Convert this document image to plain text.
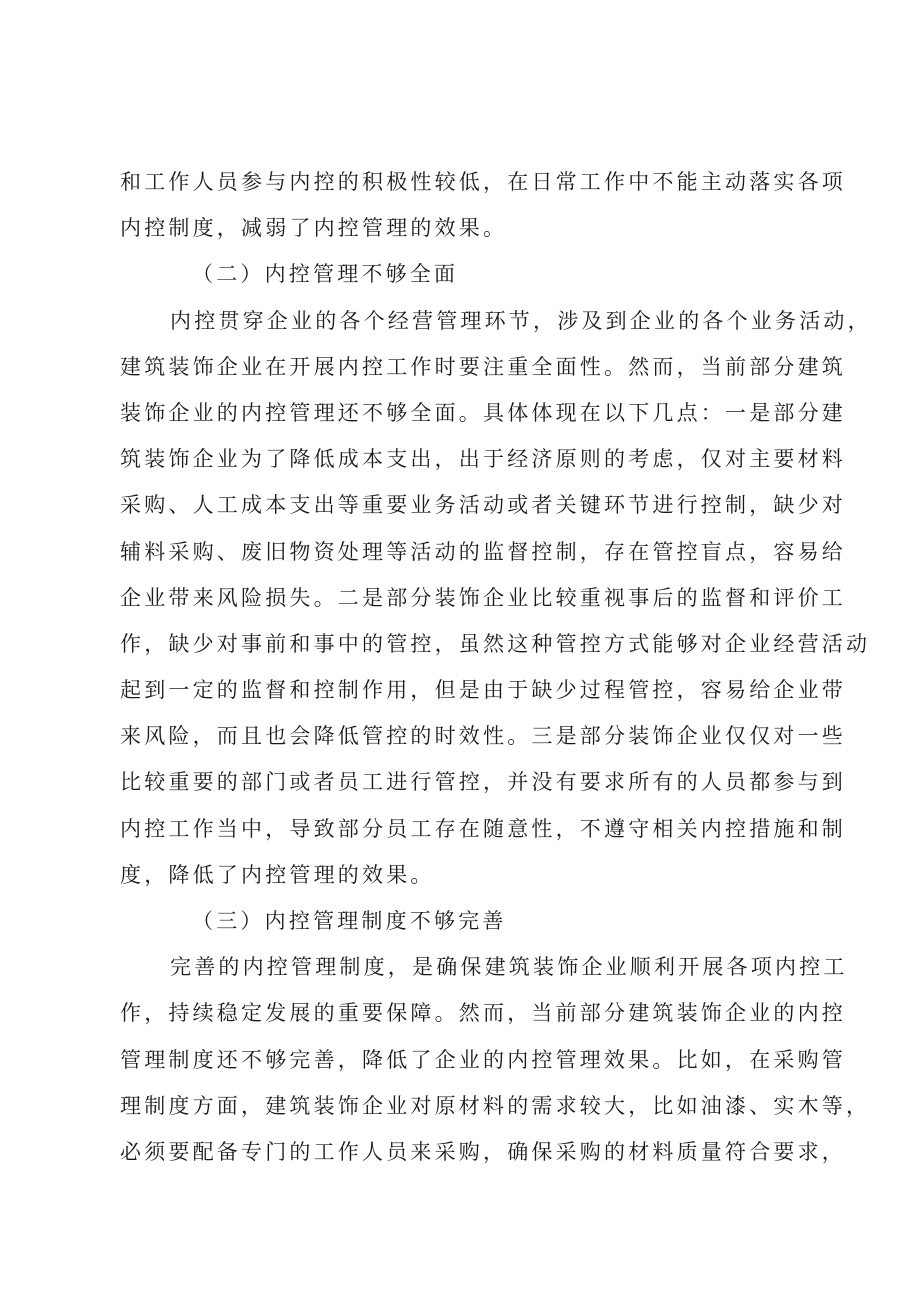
和工作人员参与内控的积极性较低，在日常工作中不能主动落实各项
内控制度，减弱了内控管理的效果。
（二）内控管理不够全面
内控贯穿企业的各个经营管理环节，涉及到企业的各个业务活动，
建筑装饰企业在开展内控工作时要注重全面性。然而，当前部分建筑
装饰企业的内控管理还不够全面。具体体现在以下几点：一是部分建
筑装饰企业为了降低成本支出，出于经济原则的考虑，仅对主要材料
采购、人工成本支出等重要业务活动或者关键环节进行控制，缺少对
辅料采购、废旧物资处理等活动的监督控制，存在管控盲点，容易给
企业带来风险损失。二是部分装饰企业比较重视事后的监督和评价工
作，缺少对事前和事中的管控，虽然这种管控方式能够对企业经营活动
起到一定的监督和控制作用，但是由于缺少过程管控，容易给企业带
来风险，而且也会降低管控的时效性。三是部分装饰企业仅仅对一些
比较重要的部门或者员工进行管控，并没有要求所有的人员都参与到
内控工作当中，导致部分员工存在随意性，不遵守相关内控措施和制
度，降低了内控管理的效果。
（三）内控管理制度不够完善
完善的内控管理制度，是确保建筑装饰企业顺利开展各项内控工
作，持续稳定发展的重要保障。然而，当前部分建筑装饰企业的内控
管理制度还不够完善，降低了企业的内控管理效果。比如，在采购管
理制度方面，建筑装饰企业对原材料的需求较大，比如油漆、实木等，
必须要配备专门的工作人员来采购，确保采购的材料质量符合要求，
